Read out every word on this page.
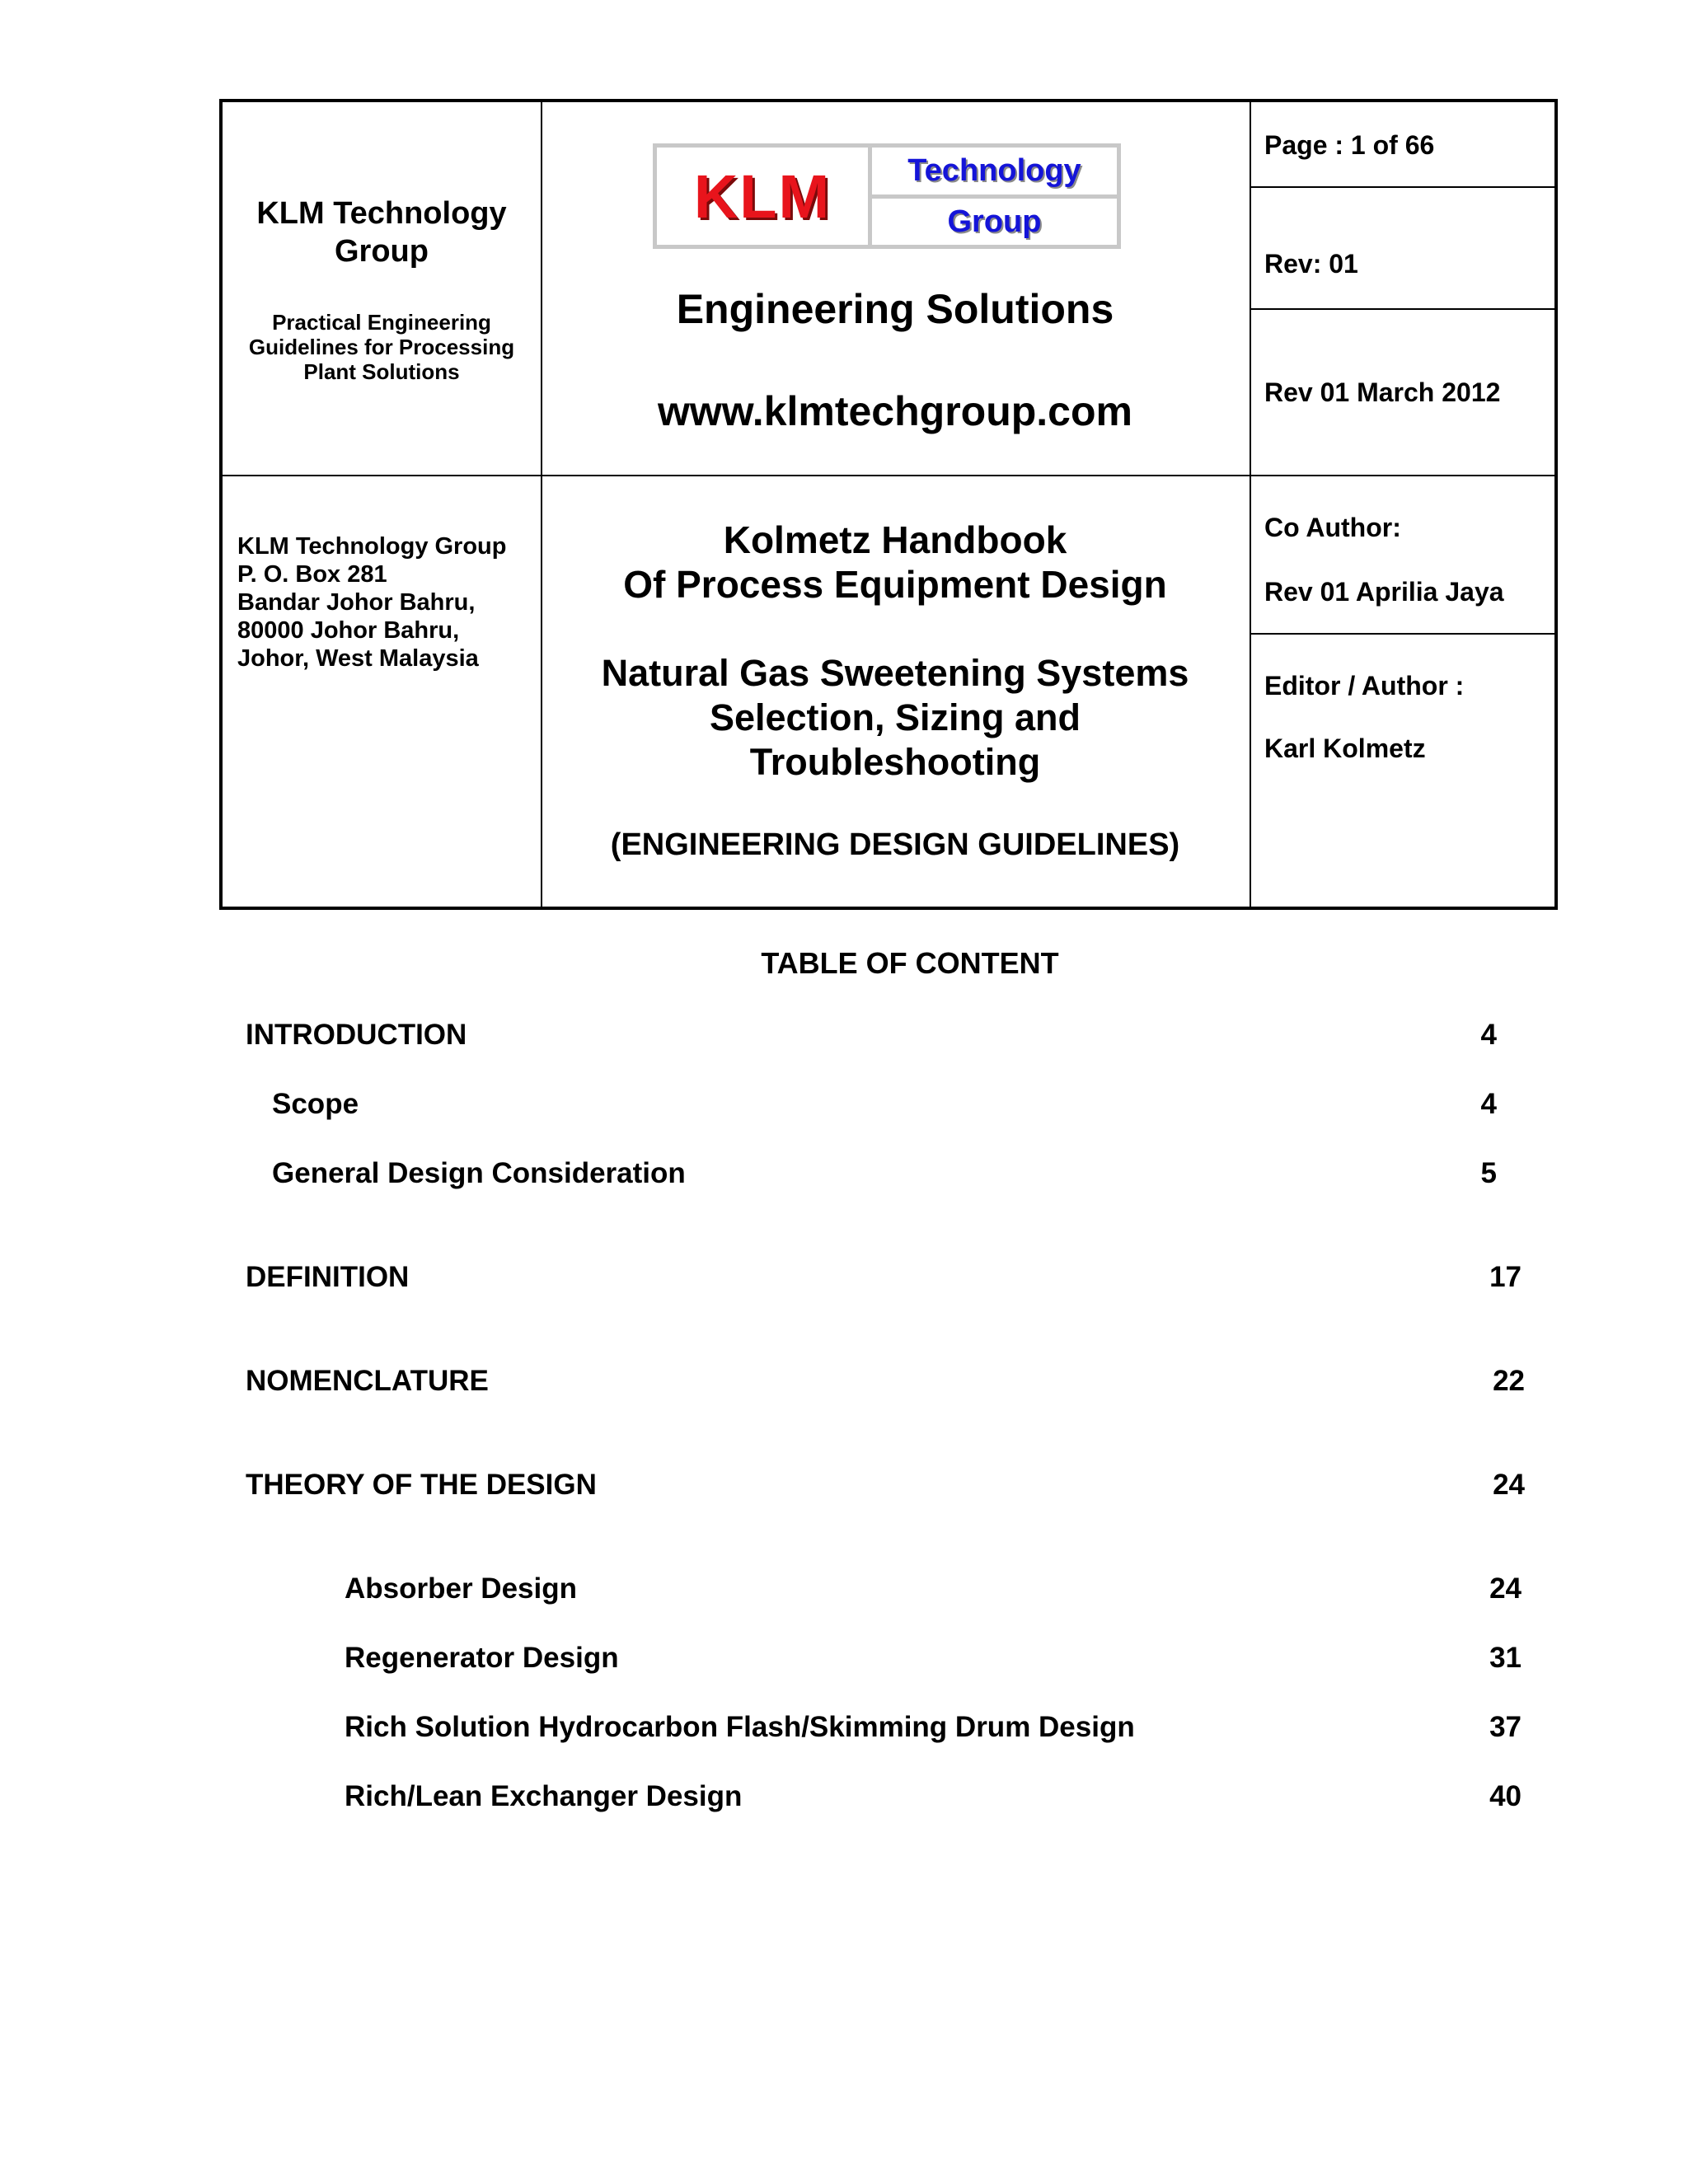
KLM Technology
Group
Practical Engineering
Guidelines for Processing
Plant Solutions
KLM	Technology
Group
Engineering Solutions
www.klmtechgroup.com
Page : 1 of 66
Rev: 01
Rev 01 March 2012
KLM Technology Group
P. O. Box 281
Bandar Johor Bahru,
80000 Johor Bahru,
Johor, West Malaysia
Kolmetz Handbook
Of Process Equipment Design
Natural Gas Sweetening Systems
Selection, Sizing and
Troubleshooting
(ENGINEERING DESIGN GUIDELINES)
Co Author:
Rev 01 Aprilia Jaya
Editor / Author :
Karl Kolmetz
TABLE OF CONTENT
INTRODUCTION	4
Scope	4
General Design Consideration	5
DEFINITION	17
NOMENCLATURE	22
THEORY OF THE DESIGN	24
Absorber Design	24
Regenerator Design	31
Rich Solution Hydrocarbon Flash/Skimming Drum Design	37
Rich/Lean Exchanger Design	40
